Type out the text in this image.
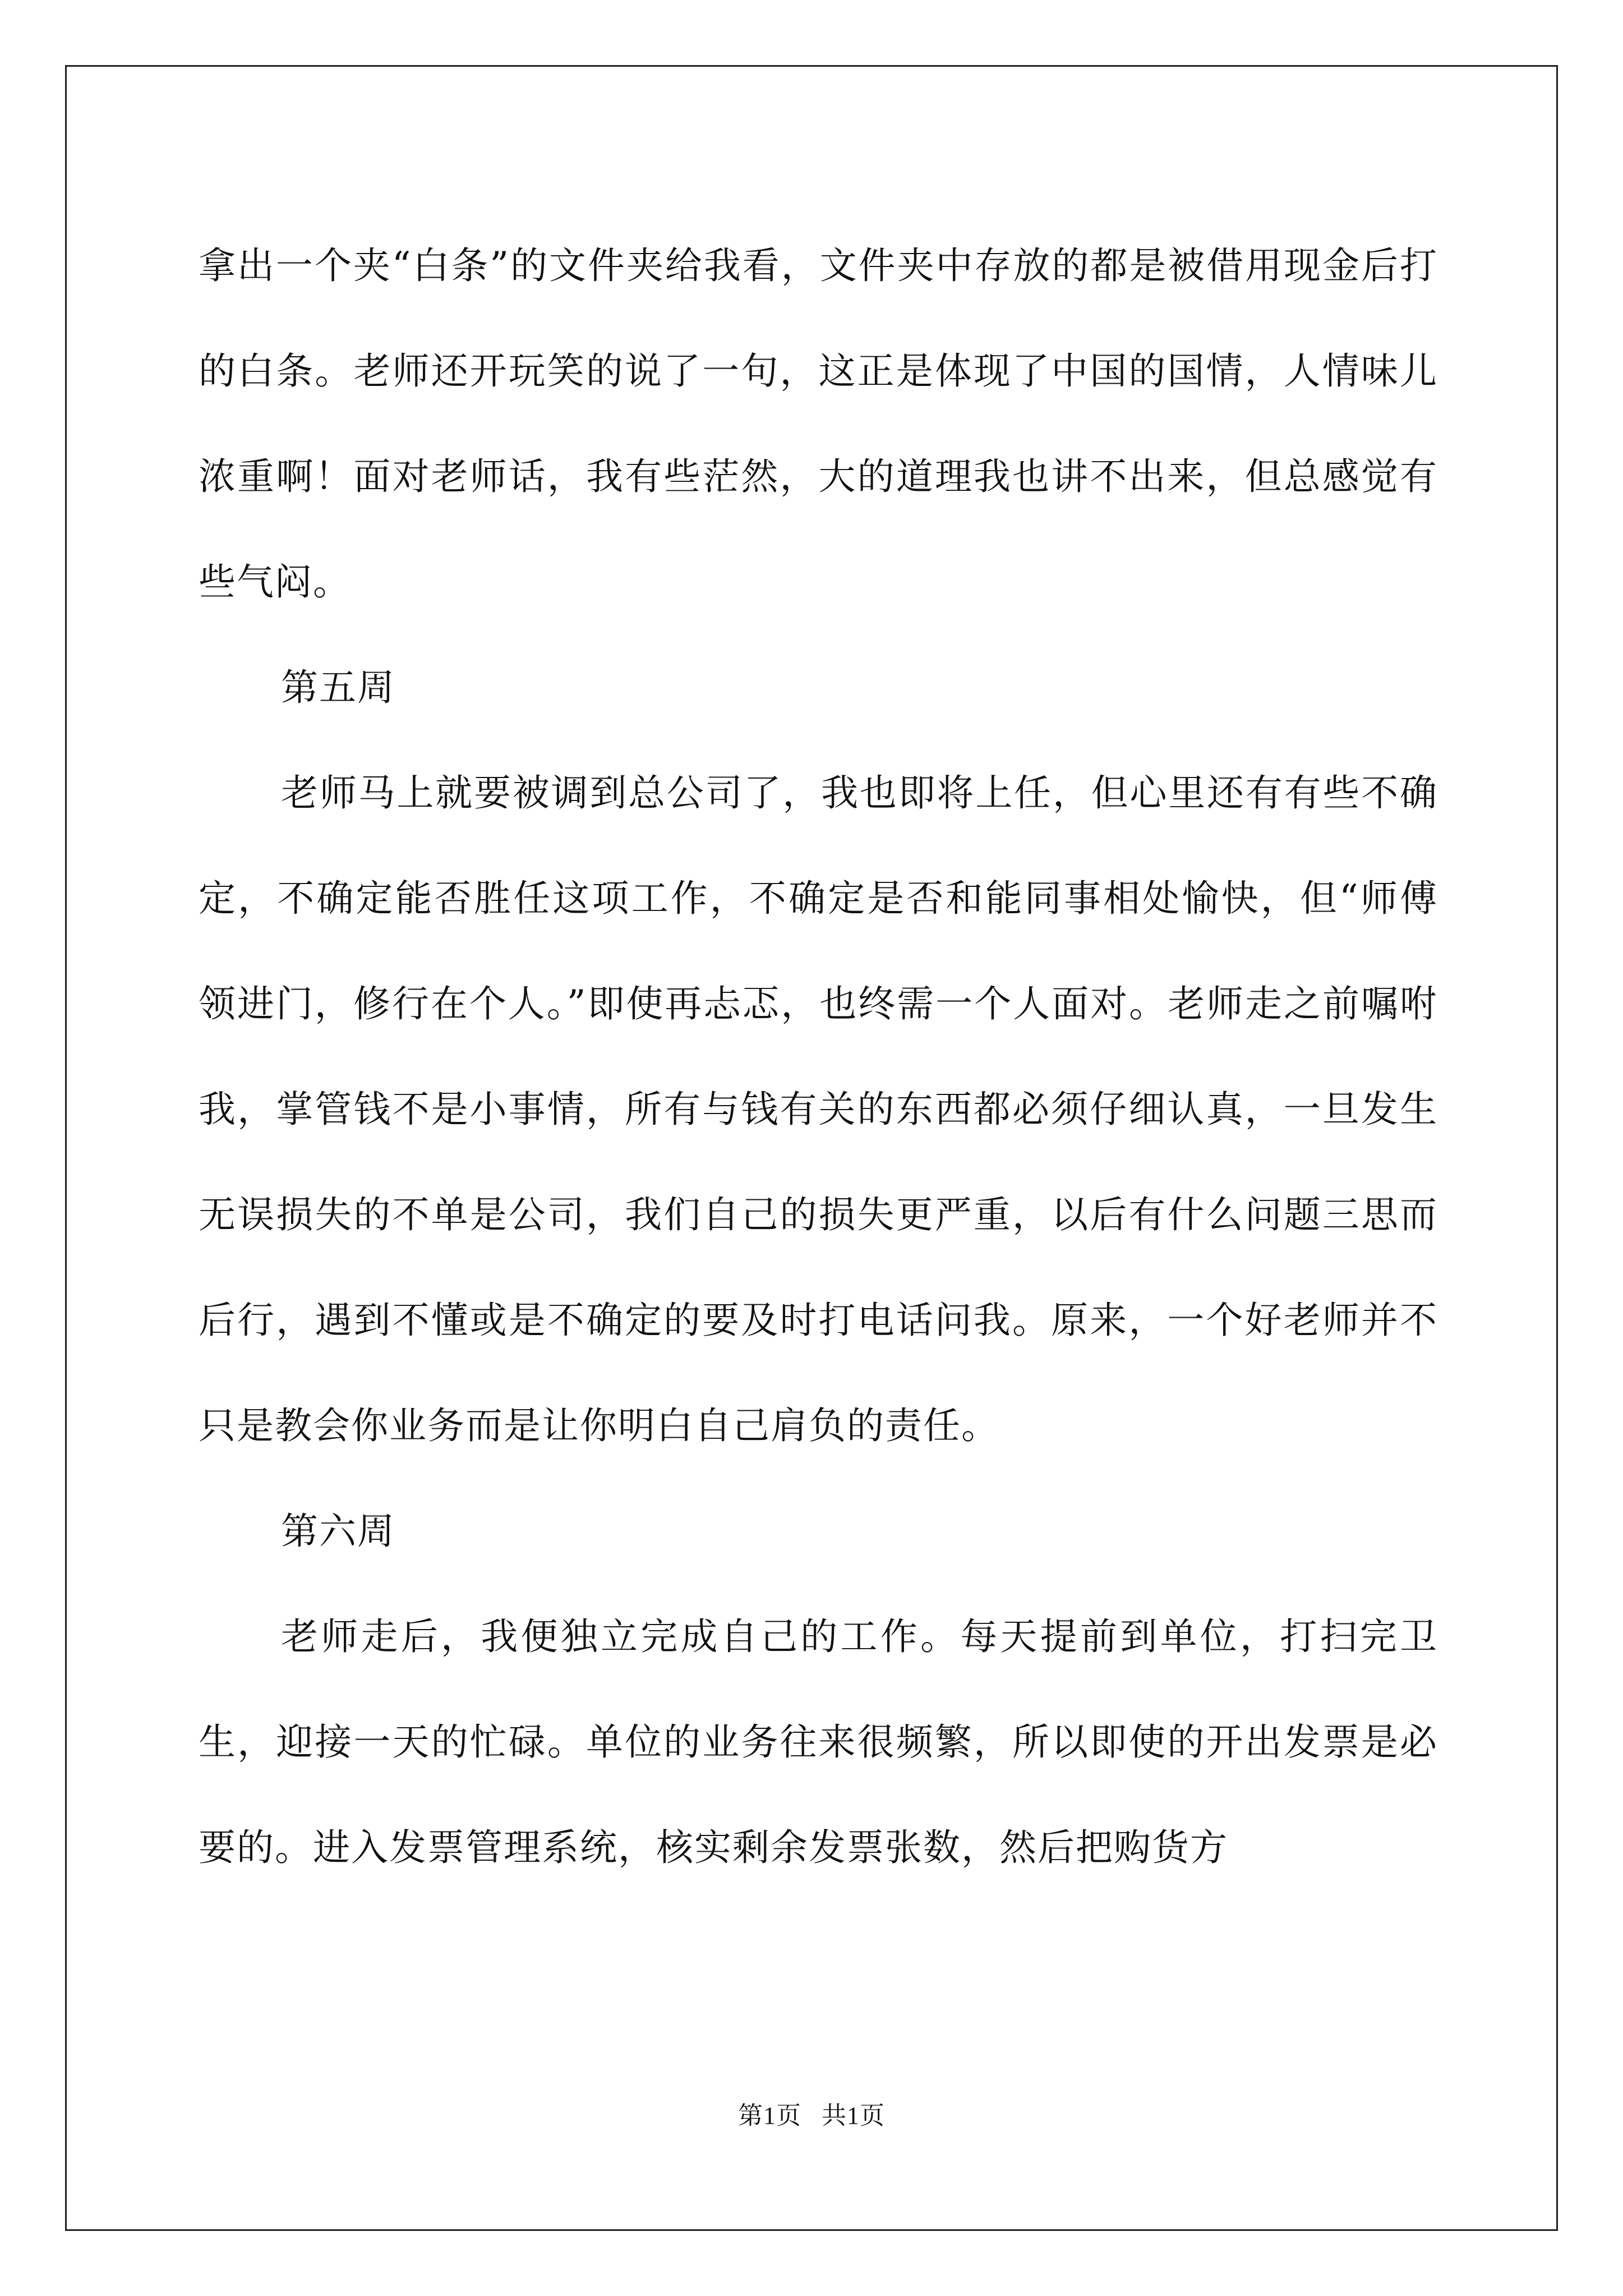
拿出一个夹“白条”的文件夹给我看，文件夹中存放的都是被借用现金后打的白条。老师还开玩笑的说了一句，这正是体现了中国的国情，人情味儿浓重啊！面对老师话，我有些茫然，大的道理我也讲不出来，但总感觉有些气闷。

第五周

老师马上就要被调到总公司了，我也即将上任，但心里还有有些不确定，不确定能否胜任这项工作，不确定是否和能同事相处愉快，但“师傅领进门，修行在个人。”即使再忐忑，也终需一个人面对。老师走之前嘱咐我，掌管钱不是小事情，所有与钱有关的东西都必须仔细认真，一旦发生无误损失的不单是公司，我们自己的损失更严重，以后有什么问题三思而后行，遇到不懂或是不确定的要及时打电话问我。原来，一个好老师并不只是教会你业务而是让你明白自己肩负的责任。

第六周

老师走后，我便独立完成自己的工作。每天提前到单位，打扫完卫生，迎接一天的忙碌。单位的业务往来很频繁，所以即使的开出发票是必要的。进入发票管理系统，核实剩余发票张数，然后把购货方

第1页 共1页
